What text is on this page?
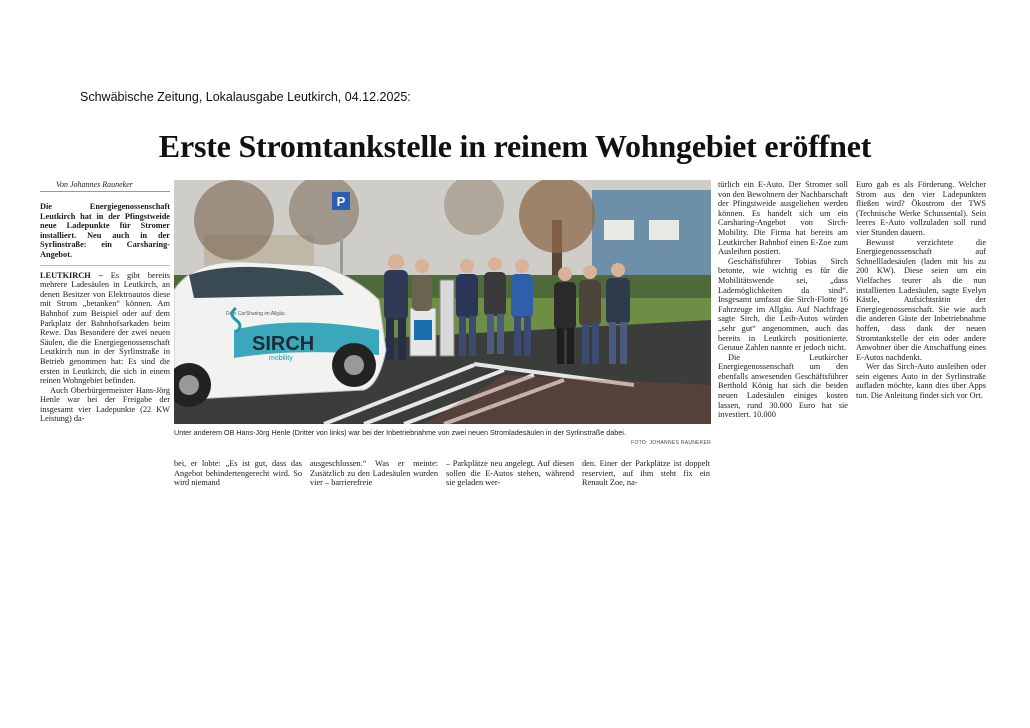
Schwäbische Zeitung, Lokalausgabe Leutkirch, 04.12.2025:
Erste Stromtankstelle in reinem Wohngebiet eröffnet
Von Johannes Rauneker

Die Energiegenossenschaft Leutkirch hat in der Pfingstweide neue Ladepunkte für Stromer installiert. Neu auch in der Syrlinstraße: ein Carsharing-Angebot.

LEUTKIRCH – Es gibt bereits mehrere Ladesäulen in Leutkirch, an denen Besitzer von Elektroautos diese mit Strom „betanken“ können. Am Bahnhof zum Beispiel oder auf dem Parkplatz der Bahnhofsarkaden beim Rewe. Das Besondere der zwei neuen Säulen, die die Energiegenossenschaft Leutkirch nun in der Syrlinstraße in Betrieb genommen hat: Es sind die ersten in Leutkirch, die sich in einem reinen Wohngebiet befinden.

Auch Oberbürgermeister Hans-Jörg Henle war bei der Freigabe der insgesamt vier Ladepunkte (22 KW Leistung) da-

P
Dein CarSharing im Allgäu
SIRCH
mobility
Unter anderem OB Hans-Jörg Henle (Dritter von links) war bei der Inbetriebnahme von zwei neuen Stromladesäulen in der Syrlinstraße dabei.
FOTO: JOHANNES RAUNEKER
bei, er lobte: „Es ist gut, dass das Angebot behindertengerecht wird. So wird niemand
ausgeschlossen.“ Was er meinte: Zusätzlich zu den Ladesäulen wurden vier – barrierefreie
– Parkplätze neu angelegt. Auf diesen sollen die E-Autos stehen, während sie geladen wer-
den. Einer der Parkplätze ist doppelt reserviert, auf ihm steht fix ein Renault Zoe, na-

türlich ein E-Auto. Der Stromer soll von den Bewohnern der Nachbarschaft der Pfingstweide ausgeliehen werden können. Es handelt sich um ein Carsharing-Angebot von Sirch-Mobility. Die Firma hat bereits am Leutkircher Bahnhof einen E-Zoe zum Ausleihen postiert.

Geschäftsführer Tobias Sirch betonte, wie wichtig es für die Mobilitätswende sei, „dass Lademöglichkeiten da sind“. Insgesamt umfasst die Sirch-Flotte 16 Fahrzeuge im Allgäu. Auf Nachfrage sagte Sirch, die Leih-Autos würden „sehr gut“ angenommen, auch das bereits in Leutkirch positionierte. Genaue Zahlen nannte er jedoch nicht.

Die Leutkircher Energiegenossenschaft um den ebenfalls anwesenden Geschäftsführer Berthold König hat sich die beiden neuen Ladesäulen einiges kosten lassen, rund 30.000 Euro hat sie investiert. 10.000

Euro gab es als Förderung. Welcher Strom aus den vier Ladepunkten fließen wird? Ökostrom der TWS (Technische Werke Schussental). Sein leeres E-Auto vollzuladen soll rund vier Stunden dauern.

Bewusst verzichtete die Energiegenossenschaft auf Schnellladesäulen (laden mit bis zu 200 KW). Diese seien um ein Vielfaches teurer als die nun installierten Ladesäulen, sagte Evelyn Kästle, Aufsichtsrätin der Energiegenossenschaft. Sie wie auch die anderen Gäste der Inbetriebnahme hoffen, dass dank der neuen Stromtankstelle der ein oder andere Anwohner über die Anschaffung eines E-Autos nachdenkt.

Wer das Sirch-Auto ausleihen oder sein eigenes Auto in der Syrlinstraße aufladen möchte, kann dies über Apps tun. Die Anleitung findet sich vor Ort.
